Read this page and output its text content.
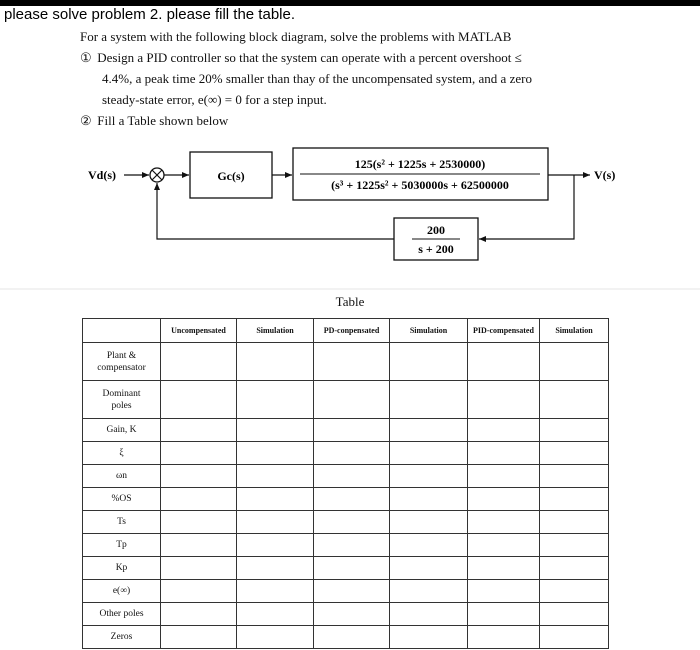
please solve problem 2. please fill the table.
For a system with the following block diagram, solve the problems with MATLAB
① Design a PID controller so that the system can operate with a percent overshoot ≤
4.4%, a peak time 20% smaller than thay of the uncompensated system, and a zero
steady-state error, e(∞) = 0 for a step input.
② Fill a Table shown below
Vd(s)	Gc(s)
125(s² + 1225s + 2530000)
(s³ + 1225s² + 5030000s + 62500000
V(s)
200
s + 200
Table
	Uncompensated	Simulation	PD-conpensated	Simulation	PID-compensated	Simulation
Plant &
compensator						
Dominant
poles						
Gain, K						
ξ						
ωn						
%OS						
Ts						
Tp						
Kp						
e(∞)						
Other poles						
Zeros						
